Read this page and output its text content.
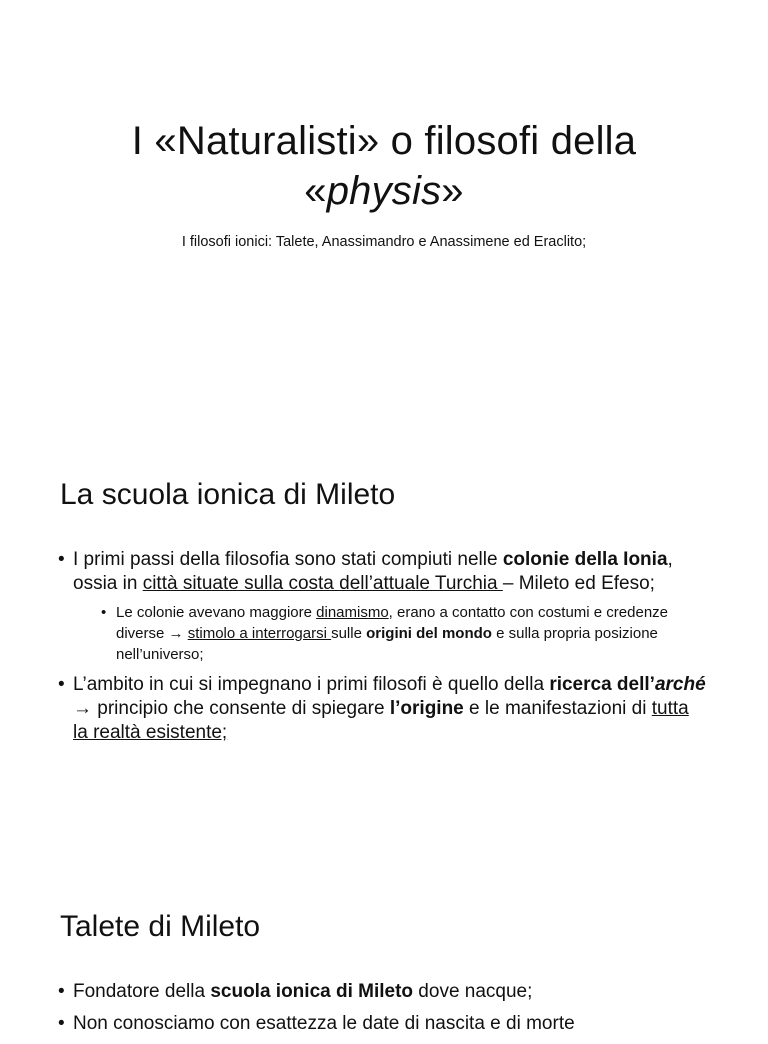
I «Naturalisti» o filosofi della
«physis»
I filosofi ionici: Talete, Anassimandro e Anassimene ed Eraclito;
La scuola ionica di Mileto
• I primi passi della filosofia sono stati compiuti nelle colonie della Ionia, ossia in città situate sulla costa dell’attuale Turchia – Mileto ed Efeso;
• Le colonie avevano maggiore dinamismo, erano a contatto con costumi e credenze diverse → stimolo a interrogarsi sulle origini del mondo e sulla propria posizione nell’universo;
• L’ambito in cui si impegnano i primi filosofi è quello della ricerca dell’arché → principio che consente di spiegare l’origine e le manifestazioni di tutta la realtà esistente;
Talete di Mileto
• Fondatore della scuola ionica di Mileto dove nacque;
• Non conosciamo con esattezza le date di nascita e di morte
